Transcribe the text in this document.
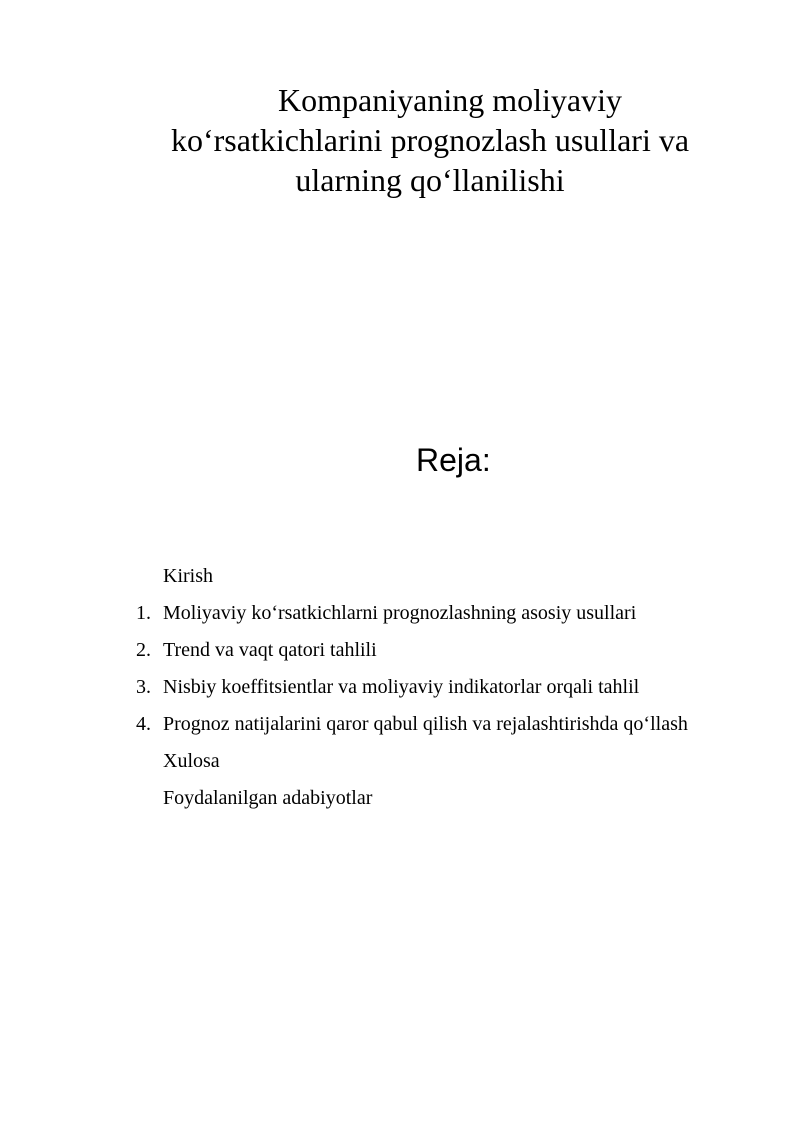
Kompaniyaning moliyaviy
koʻrsatkichlarini prognozlash usullari va
ularning qoʻllanilishi
Reja:
Kirish
1. Moliyaviy koʻrsatkichlarni prognozlashning asosiy usullari
2. Trend va vaqt qatori tahlili
3. Nisbiy koeffitsientlar va moliyaviy indikatorlar orqali tahlil
4. Prognoz natijalarini qaror qabul qilish va rejalashtirishda qoʻllash
Xulosa
Foydalanilgan adabiyotlar
